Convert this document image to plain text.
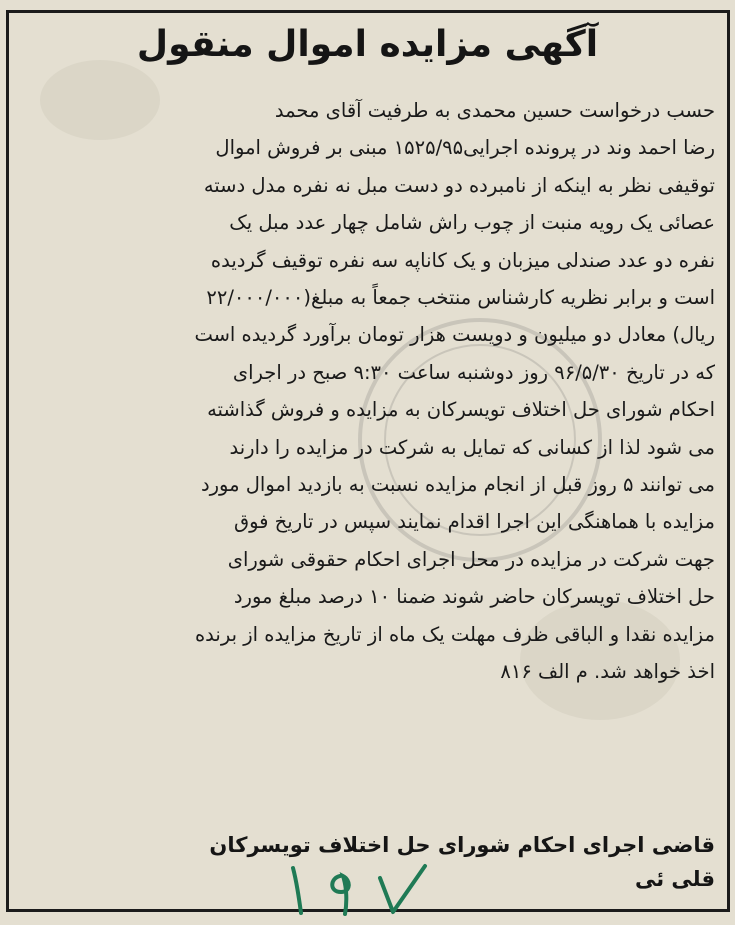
آگهی مزایده اموال منقول
حسب درخواست حسین محمدی به طرفیت آقای محمد
رضا احمد وند در پرونده اجرایی۱۵۲۵/۹۵ مبنی بر فروش اموال
توقیفی نظر به اینکه از نامبرده دو دست مبل نه نفره مدل دسته
عصائی یک رویه منبت از چوب راش شامل چهار عدد مبل یک
نفره دو عدد صندلی میزبان و یک کاناپه سه نفره توقیف گردیده
است و برابر نظریه کارشناس منتخب جمعاً به مبلغ(۲۲/۰۰۰/۰۰۰
ریال) معادل دو میلیون و دویست هزار تومان برآورد گردیده است
که در تاریخ ۹۶/۵/۳۰ روز دوشنبه ساعت ۹:۳۰ صبح در اجرای
احکام شورای حل اختلاف تویسرکان به مزایده و فروش گذاشته
می شود لذا از کسانی که تمایل به شرکت در مزایده را دارند
می توانند ۵ روز قبل از انجام مزایده نسبت به بازدید اموال مورد
مزایده با هماهنگی این اجرا اقدام نمایند سپس در تاریخ فوق
جهت شرکت در مزایده در محل اجرای احکام حقوقی شورای
حل اختلاف تویسرکان حاضر شوند ضمنا ۱۰ درصد مبلغ مورد
مزایده نقدا و الباقی ظرف مهلت یک ماه از تاریخ مزایده از برنده
اخذ خواهد شد. م الف ۸۱۶
قاضی اجرای احکام شورای حل اختلاف تویسرکان
قلی ئی
